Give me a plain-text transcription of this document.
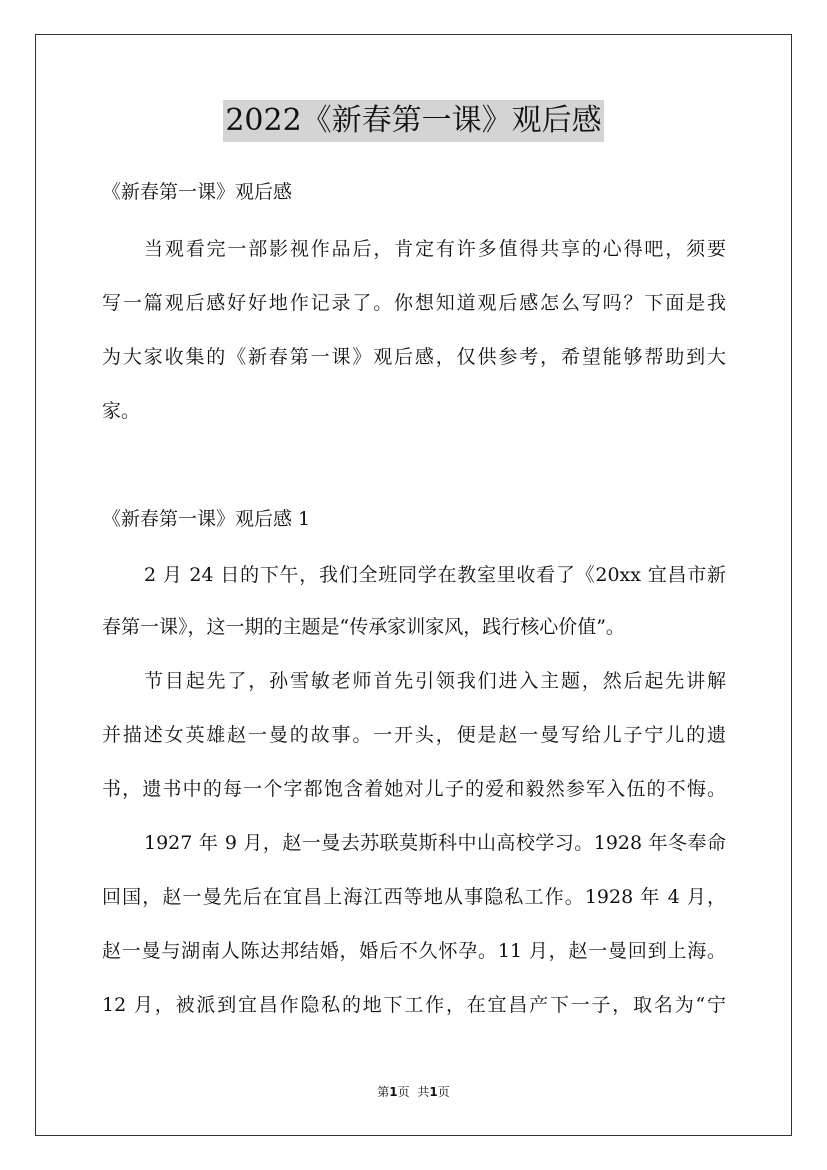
2022《新春第一课》观后感

《新春第一课》观后感

当观看完一部影视作品后，肯定有许多值得共享的心得吧，须要

写一篇观后感好好地作记录了。你想知道观后感怎么写吗？下面是我

为大家收集的《新春第一课》观后感，仅供参考，希望能够帮助到大

家。

《新春第一课》观后感 1

2 月 24 日的下午，我们全班同学在教室里收看了《20xx 宜昌市新

春第一课》，这一期的主题是“传承家训家风，践行核心价值”。

节目起先了，孙雪敏老师首先引领我们进入主题，然后起先讲解

并描述女英雄赵一曼的故事。一开头，便是赵一曼写给儿子宁儿的遗

书，遗书中的每一个字都饱含着她对儿子的爱和毅然参军入伍的不悔。

1927 年 9 月，赵一曼去苏联莫斯科中山高校学习。1928 年冬奉命

回国，赵一曼先后在宜昌上海江西等地从事隐私工作。1928 年 4 月，

赵一曼与湖南人陈达邦结婚，婚后不久怀孕。11 月，赵一曼回到上海。

12 月，被派到宜昌作隐私的地下工作，在宜昌产下一子，取名为“宁

第1页 共1页
